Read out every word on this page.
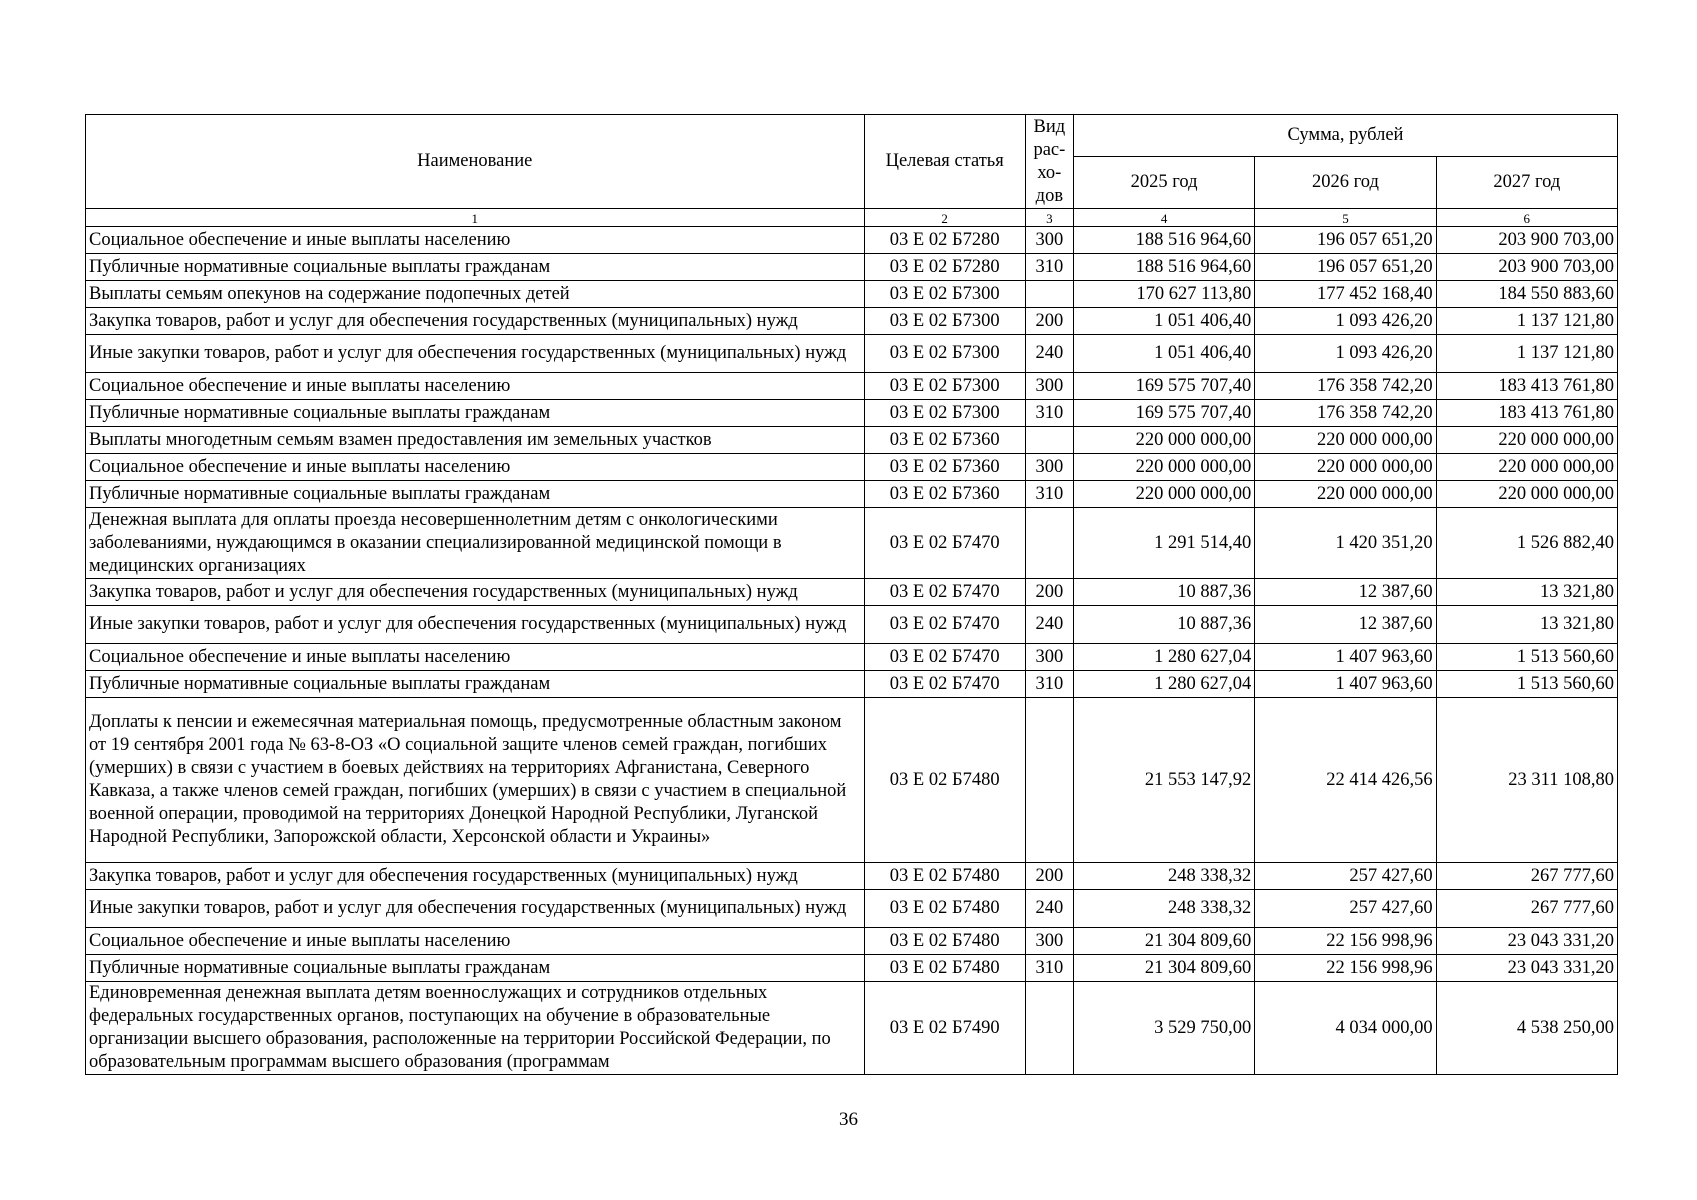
Наименование	Целевая статья	Вид рас-хо-дов	Сумма, рублей		
			2025 год	2026 год	2027 год
1	2	3	4	5	6
Социальное обеспечение и иные выплаты населению	03 Е 02 Б7280	300	188 516 964,60	196 057 651,20	203 900 703,00
Публичные нормативные социальные выплаты гражданам	03 Е 02 Б7280	310	188 516 964,60	196 057 651,20	203 900 703,00
Выплаты семьям опекунов на содержание подопечных детей	03 Е 02 Б7300		170 627 113,80	177 452 168,40	184 550 883,60
Закупка товаров, работ и услуг для обеспечения государственных (муниципальных) нужд	03 Е 02 Б7300	200	1 051 406,40	1 093 426,20	1 137 121,80
Иные закупки товаров, работ и услуг для обеспечения государственных (муниципальных) нужд	03 Е 02 Б7300	240	1 051 406,40	1 093 426,20	1 137 121,80
Социальное обеспечение и иные выплаты населению	03 Е 02 Б7300	300	169 575 707,40	176 358 742,20	183 413 761,80
Публичные нормативные социальные выплаты гражданам	03 Е 02 Б7300	310	169 575 707,40	176 358 742,20	183 413 761,80
Выплаты многодетным семьям взамен предоставления им земельных участков	03 Е 02 Б7360		220 000 000,00	220 000 000,00	220 000 000,00
Социальное обеспечение и иные выплаты населению	03 Е 02 Б7360	300	220 000 000,00	220 000 000,00	220 000 000,00
Публичные нормативные социальные выплаты гражданам	03 Е 02 Б7360	310	220 000 000,00	220 000 000,00	220 000 000,00
Денежная выплата для оплаты проезда несовершеннолетним детям с онкологическими заболеваниями, нуждающимся в оказании специализированной медицинской помощи в медицинских организациях	03 Е 02 Б7470		1 291 514,40	1 420 351,20	1 526 882,40
Закупка товаров, работ и услуг для обеспечения государственных (муниципальных) нужд	03 Е 02 Б7470	200	10 887,36	12 387,60	13 321,80
Иные закупки товаров, работ и услуг для обеспечения государственных (муниципальных) нужд	03 Е 02 Б7470	240	10 887,36	12 387,60	13 321,80
Социальное обеспечение и иные выплаты населению	03 Е 02 Б7470	300	1 280 627,04	1 407 963,60	1 513 560,60
Публичные нормативные социальные выплаты гражданам	03 Е 02 Б7470	310	1 280 627,04	1 407 963,60	1 513 560,60
Доплаты к пенсии и ежемесячная материальная помощь, предусмотренные областным законом от 19 сентября 2001 года № 63-8-ОЗ «О социальной защите членов семей граждан, погибших (умерших) в связи с участием в боевых действиях на территориях Афганистана, Северного Кавказа, а также членов семей граждан, погибших (умерших) в связи с участием в специальной военной операции, проводимой на территориях Донецкой Народной Республики, Луганской Народной Республики, Запорожской области, Херсонской области и Украины»	03 Е 02 Б7480		21 553 147,92	22 414 426,56	23 311 108,80
Закупка товаров, работ и услуг для обеспечения государственных (муниципальных) нужд	03 Е 02 Б7480	200	248 338,32	257 427,60	267 777,60
Иные закупки товаров, работ и услуг для обеспечения государственных (муниципальных) нужд	03 Е 02 Б7480	240	248 338,32	257 427,60	267 777,60
Социальное обеспечение и иные выплаты населению	03 Е 02 Б7480	300	21 304 809,60	22 156 998,96	23 043 331,20
Публичные нормативные социальные выплаты гражданам	03 Е 02 Б7480	310	21 304 809,60	22 156 998,96	23 043 331,20
Единовременная денежная выплата детям военнослужащих и сотрудников отдельных федеральных государственных органов, поступающих на обучение в образовательные организации высшего образования, расположенные на территории Российской Федерации, по образовательным программам высшего образования (программам	03 Е 02 Б7490		3 529 750,00	4 034 000,00	4 538 250,00
36
